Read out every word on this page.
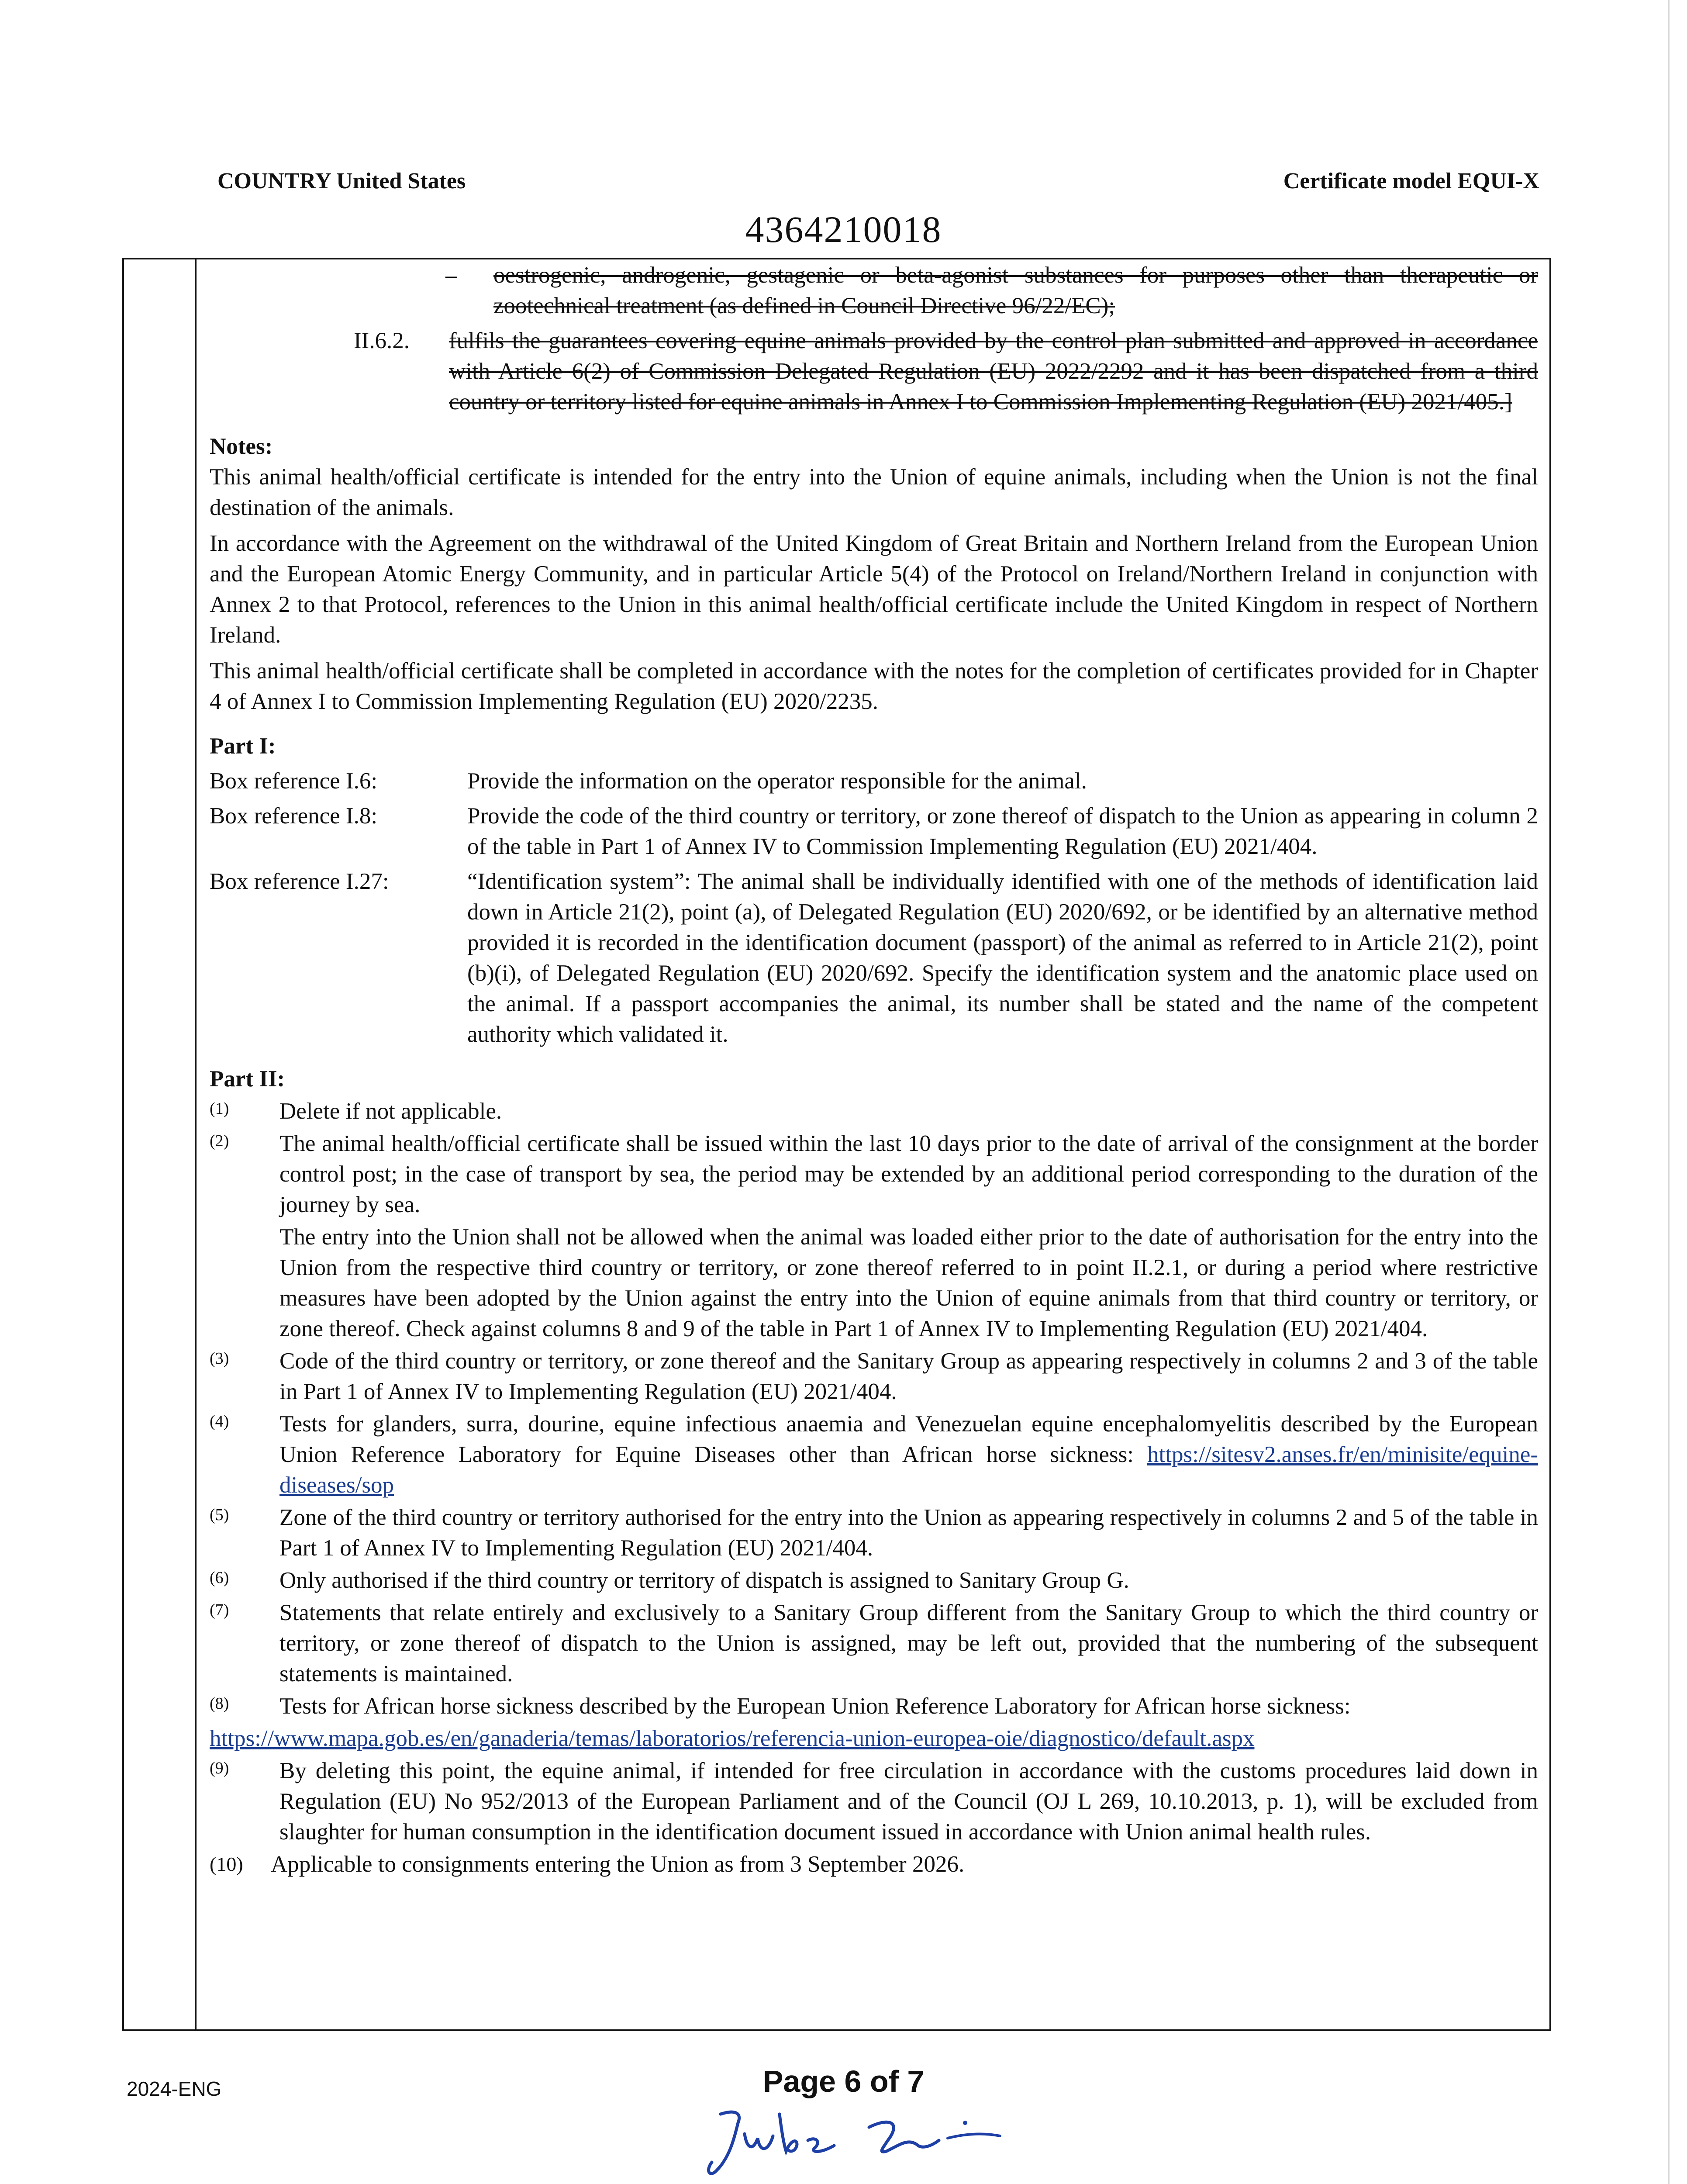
COUNTRY United States	Certificate model EQUI-X
4364210018

– oestrogenic, androgenic, gestagenic or beta-agonist substances for purposes other than therapeutic or zootechnical treatment (as defined in Council Directive 96/22/EC);

II.6.2. fulfils the guarantees covering equine animals provided by the control plan submitted and approved in accordance with Article 6(2) of Commission Delegated Regulation (EU) 2022/2292 and it has been dispatched from a third country or territory listed for equine animals in Annex I to Commission Implementing Regulation (EU) 2021/405.]

Notes:

This animal health/official certificate is intended for the entry into the Union of equine animals, including when the Union is not the final destination of the animals.

In accordance with the Agreement on the withdrawal of the United Kingdom of Great Britain and Northern Ireland from the European Union and the European Atomic Energy Community, and in particular Article 5(4) of the Protocol on Ireland/Northern Ireland in conjunction with Annex 2 to that Protocol, references to the Union in this animal health/official certificate include the United Kingdom in respect of Northern Ireland.

This animal health/official certificate shall be completed in accordance with the notes for the completion of certificates provided for in Chapter 4 of Annex I to Commission Implementing Regulation (EU) 2020/2235.

Part I:

Box reference I.6:	Provide the information on the operator responsible for the animal.
Box reference I.8:	Provide the code of the third country or territory, or zone thereof of dispatch to the Union as appearing in column 2 of the table in Part 1 of Annex IV to Commission Implementing Regulation (EU) 2021/404.
Box reference I.27:	“Identification system”: The animal shall be individually identified with one of the methods of identification laid down in Article 21(2), point (a), of Delegated Regulation (EU) 2020/692, or be identified by an alternative method provided it is recorded in the identification document (passport) of the animal as referred to in Article 21(2), point (b)(i), of Delegated Regulation (EU) 2020/692. Specify the identification system and the anatomic place used on the animal. If a passport accompanies the animal, its number shall be stated and the name of the competent authority which validated it.

Part II:

(1) Delete if not applicable.

(2) The animal health/official certificate shall be issued within the last 10 days prior to the date of arrival of the consignment at the border control post; in the case of transport by sea, the period may be extended by an additional period corresponding to the duration of the journey by sea.

The entry into the Union shall not be allowed when the animal was loaded either prior to the date of authorisation for the entry into the Union from the respective third country or territory, or zone thereof referred to in point II.2.1, or during a period where restrictive measures have been adopted by the Union against the entry into the Union of equine animals from that third country or territory, or zone thereof. Check against columns 8 and 9 of the table in Part 1 of Annex IV to Implementing Regulation (EU) 2021/404.

(3) Code of the third country or territory, or zone thereof and the Sanitary Group as appearing respectively in columns 2 and 3 of the table in Part 1 of Annex IV to Implementing Regulation (EU) 2021/404.

(4) Tests for glanders, surra, dourine, equine infectious anaemia and Venezuelan equine encephalomyelitis described by the European Union Reference Laboratory for Equine Diseases other than African horse sickness: https://sitesv2.anses.fr/en/minisite/equine-diseases/sop

(5) Zone of the third country or territory authorised for the entry into the Union as appearing respectively in columns 2 and 5 of the table in Part 1 of Annex IV to Implementing Regulation (EU) 2021/404.

(6) Only authorised if the third country or territory of dispatch is assigned to Sanitary Group G.

(7) Statements that relate entirely and exclusively to a Sanitary Group different from the Sanitary Group to which the third country or territory, or zone thereof of dispatch to the Union is assigned, may be left out, provided that the numbering of the subsequent statements is maintained.

(8) Tests for African horse sickness described by the European Union Reference Laboratory for African horse sickness:

https://www.mapa.gob.es/en/ganaderia/temas/laboratorios/referencia-union-europea-oie/diagnostico/default.aspx

(9) By deleting this point, the equine animal, if intended for free circulation in accordance with the customs procedures laid down in Regulation (EU) No 952/2013 of the European Parliament and of the Council (OJ L 269, 10.10.2013, p. 1), will be excluded from slaughter for human consumption in the identification document issued in accordance with Union animal health rules.

(10) Applicable to consignments entering the Union as from 3 September 2026.

2024-ENG	Page 6 of 7
